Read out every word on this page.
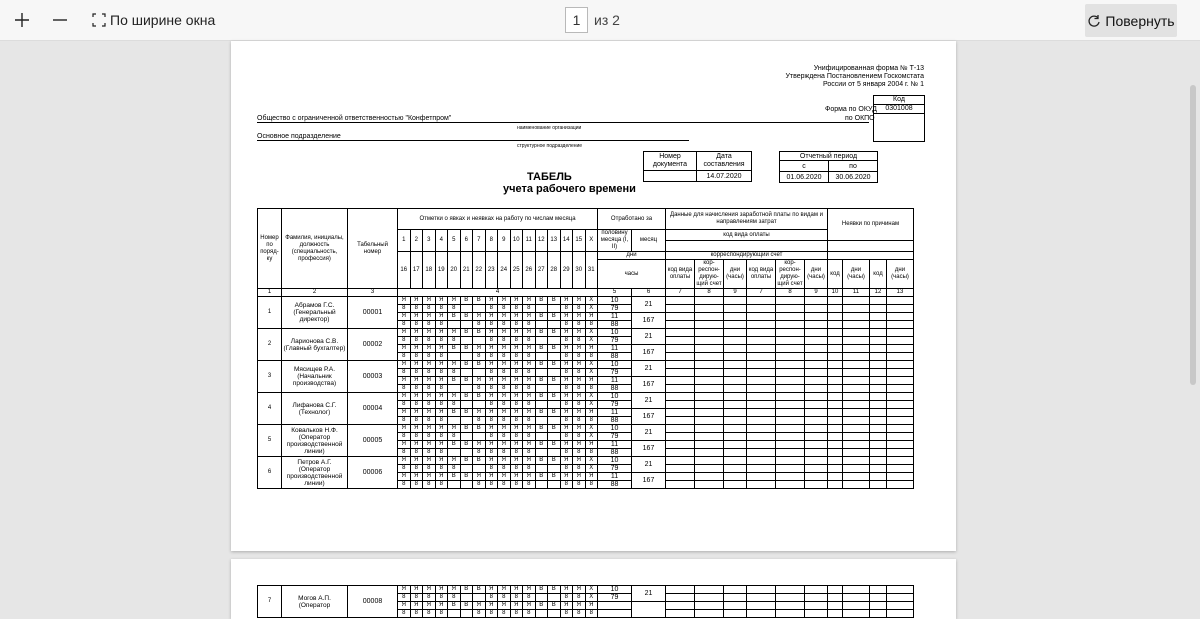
По ширине окна	1 из 2	Повернуть
Унифицированная форма № Т-13
Утверждена Постановлением Госкомстата
России от 5 января 2004 г. № 1
Код
0301008
Форма по ОКУД
по ОКПО
Общество с ограниченной ответственностью "Конфетпром"
наименование организации
Основное подразделение
структурное подразделение
Номер документа	Дата составления
	14.07.2020
Отчетный период	
с	по
01.06.2020	30.06.2020
ТАБЕЛЬ
учета рабочего времени
Номер по поряд-ку	Фамилия, инициалы, должность (специальность, профессия)	Табельный номер	Отметки о явках и неявках на работу по числам месяца																Отработано за		Данные для начисления заработной платы по видам и направлениям затрат						Неявки по причинам			
			1	2	3	4	5	6	7	8	9	10	11	12	13	14	15	X	половину месяца (I, II)	месяц	код вида оплаты									

			16	17	18	19	20	21	22	23	24	25	26	27	28	29	30	31	дни		корреспондирующий счет									
																			часы		код вида оплаты	кор-респон-дирую-щий счет	дни (часы)	код вида оплаты	кор-респон-дирую-щий счет	дни (часы)	код	дни (часы)	код	дни (часы)

1	2	3	4																5	6	7	8	9	7	8	9	10	11	12	13
1	Абрамов Г.С. (Генеральный директор)	00001	Я	Я	Я	Я	Я	В	В	Я	Я	Я	Я	В	В	Я	Я	X	10	21										
			8	8	8	8	8			8	8	8	8			8	8	X	79											
			Я	Я	Я	Я	В	В	Я	Я	Я	Я	Я	В	В	Я	Я	Я	11	167										
			8	8	8	8			8	8	8	8	8			8	8	8	88											
2	Ларионова С.В. (Главный бухгалтер)	00002	Я	Я	Я	Я	Я	В	В	Я	Я	Я	Я	В	В	Я	Я	X	10	21										
			8	8	8	8	8			8	8	8	8			8	8	X	79											
			Я	Я	Я	Я	В	В	Я	Я	Я	Я	Я	В	В	Я	Я	Я	11	167										
			8	8	8	8			8	8	8	8	8			8	8	8	88											
3	Мясищев Р.А. (Начальник производства)	00003	Я	Я	Я	Я	Я	В	В	Я	Я	Я	Я	В	В	Я	Я	X	10	21										
			8	8	8	8	8			8	8	8	8			8	8	X	79											
			Я	Я	Я	Я	В	В	Я	Я	Я	Я	Я	В	В	Я	Я	Я	11	167										
			8	8	8	8			8	8	8	8	8			8	8	8	88											
4	Лифанова С.Г. (Технолог)	00004	Я	Я	Я	Я	Я	В	В	Я	Я	Я	Я	В	В	Я	Я	X	10	21										
			8	8	8	8	8			8	8	8	8			8	8	X	79											
			Я	Я	Я	Я	В	В	Я	Я	Я	Я	Я	В	В	Я	Я	Я	11	167										
			8	8	8	8			8	8	8	8	8			8	8	8	88											
5	Ковальков Н.Ф. (Оператор производственной линии)	00005	Я	Я	Я	Я	Я	В	В	Я	Я	Я	Я	В	В	Я	Я	X	10	21										
			8	8	8	8	8			8	8	8	8			8	8	X	79											
			Я	Я	Я	Я	В	В	Я	Я	Я	Я	Я	В	В	Я	Я	Я	11	167										
			8	8	8	8			8	8	8	8	8			8	8	8	88											
6	Петров А.Г. (Оператор производственной линии)	00006	Я	Я	Я	Я	Я	В	В	Я	Я	Я	Я	В	В	Я	Я	X	10	21										
			8	8	8	8	8			8	8	8	8			8	8	X	79											
			Я	Я	Я	Я	В	В	Я	Я	Я	Я	Я	В	В	Я	Я	Я	11	167										
			8	8	8	8			8	8	8	8	8			8	8	8	88											
7	Могов А.П. (Оператор	00008	Я	Я	Я	Я	Я	В	В	Я	Я	Я	Я	В	В	Я	Я	X	10	21										
			8	8	8	8	8			8	8	8	8			8	8	X	79											
			Я	Я	Я	Я	В	В	Я	Я	Я	Я	Я	В	В	Я	Я	Я												
			8	8	8	8			8	8	8	8	8			8	8	8												
